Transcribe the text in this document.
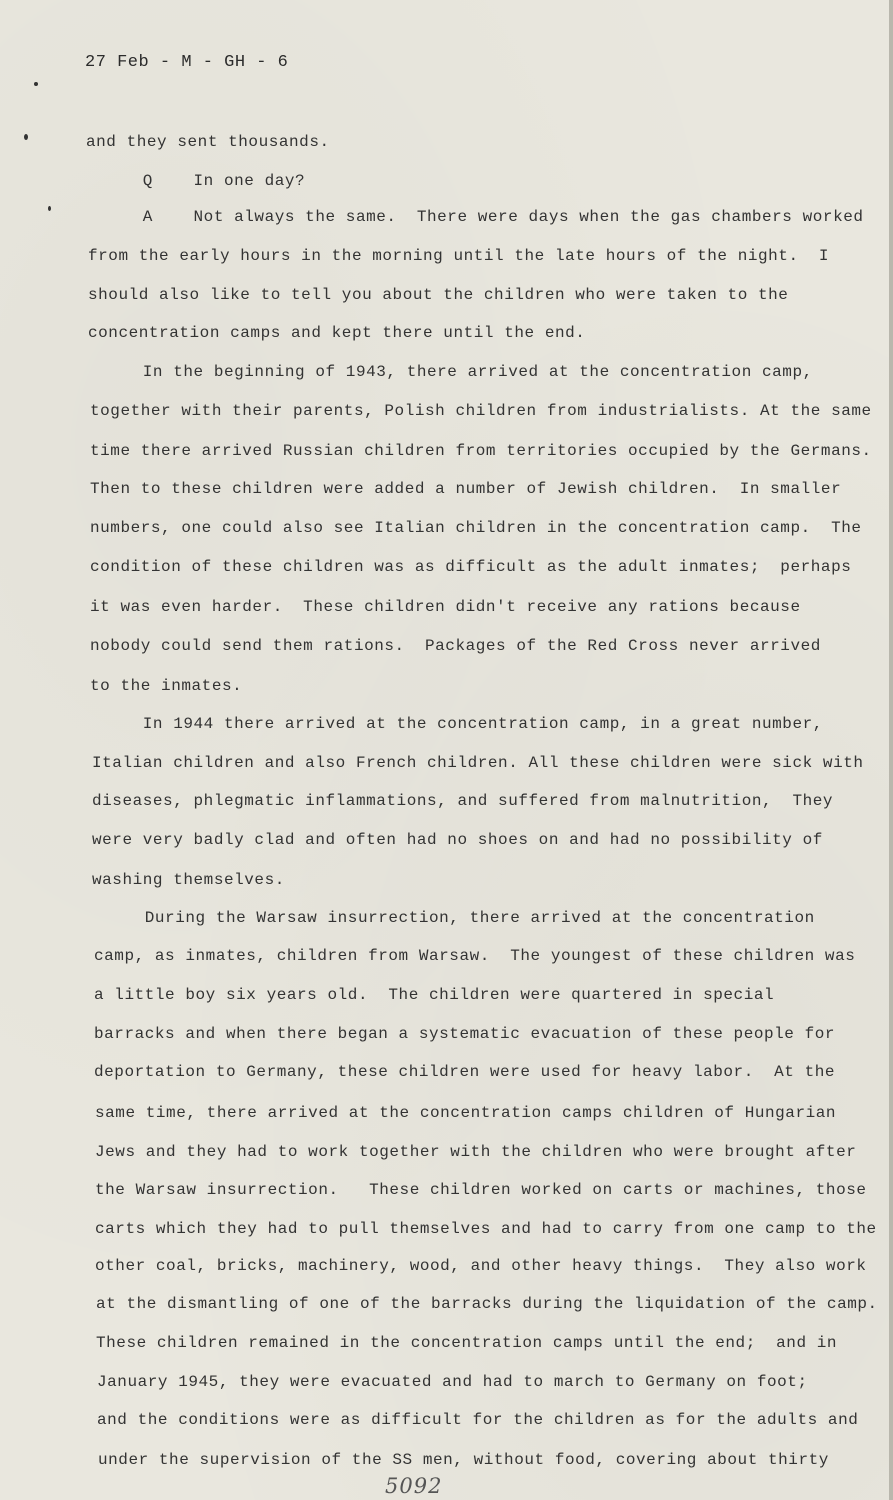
27 Feb - M - GH - 6
and they sent thousands.
Q    In one day?
A    Not always the same.  There were days when the gas chambers worked
from the early hours in the morning until the late hours of the night.  I
should also like to tell you about the children who were taken to the
concentration camps and kept there until the end.
In the beginning of 1943, there arrived at the concentration camp,
together with their parents, Polish children from industrialists. At the same
time there arrived Russian children from territories occupied by the Germans.
Then to these children were added a number of Jewish children.  In smaller
numbers, one could also see Italian children in the concentration camp.  The
condition of these children was as difficult as the adult inmates;  perhaps
it was even harder.  These children didn't receive any rations because
nobody could send them rations.  Packages of the Red Cross never arrived
to the inmates.
In 1944 there arrived at the concentration camp, in a great number,
Italian children and also French children. All these children were sick with
diseases, phlegmatic inflammations, and suffered from malnutrition,  They
were very badly clad and often had no shoes on and had no possibility of
washing themselves.
During the Warsaw insurrection, there arrived at the concentration
camp, as inmates, children from Warsaw.  The youngest of these children was
a little boy six years old.  The children were quartered in special
barracks and when there began a systematic evacuation of these people for
deportation to Germany, these children were used for heavy labor.  At the
same time, there arrived at the concentration camps children of Hungarian
Jews and they had to work together with the children who were brought after
the Warsaw insurrection.   These children worked on carts or machines, those
carts which they had to pull themselves and had to carry from one camp to the
other coal, bricks, machinery, wood, and other heavy things.  They also work
at the dismantling of one of the barracks during the liquidation of the camp.
These children remained in the concentration camps until the end;  and in
January 1945, they were evacuated and had to march to Germany on foot;
and the conditions were as difficult for the children as for the adults and
under the supervision of the SS men, without food, covering about thirty
5092
